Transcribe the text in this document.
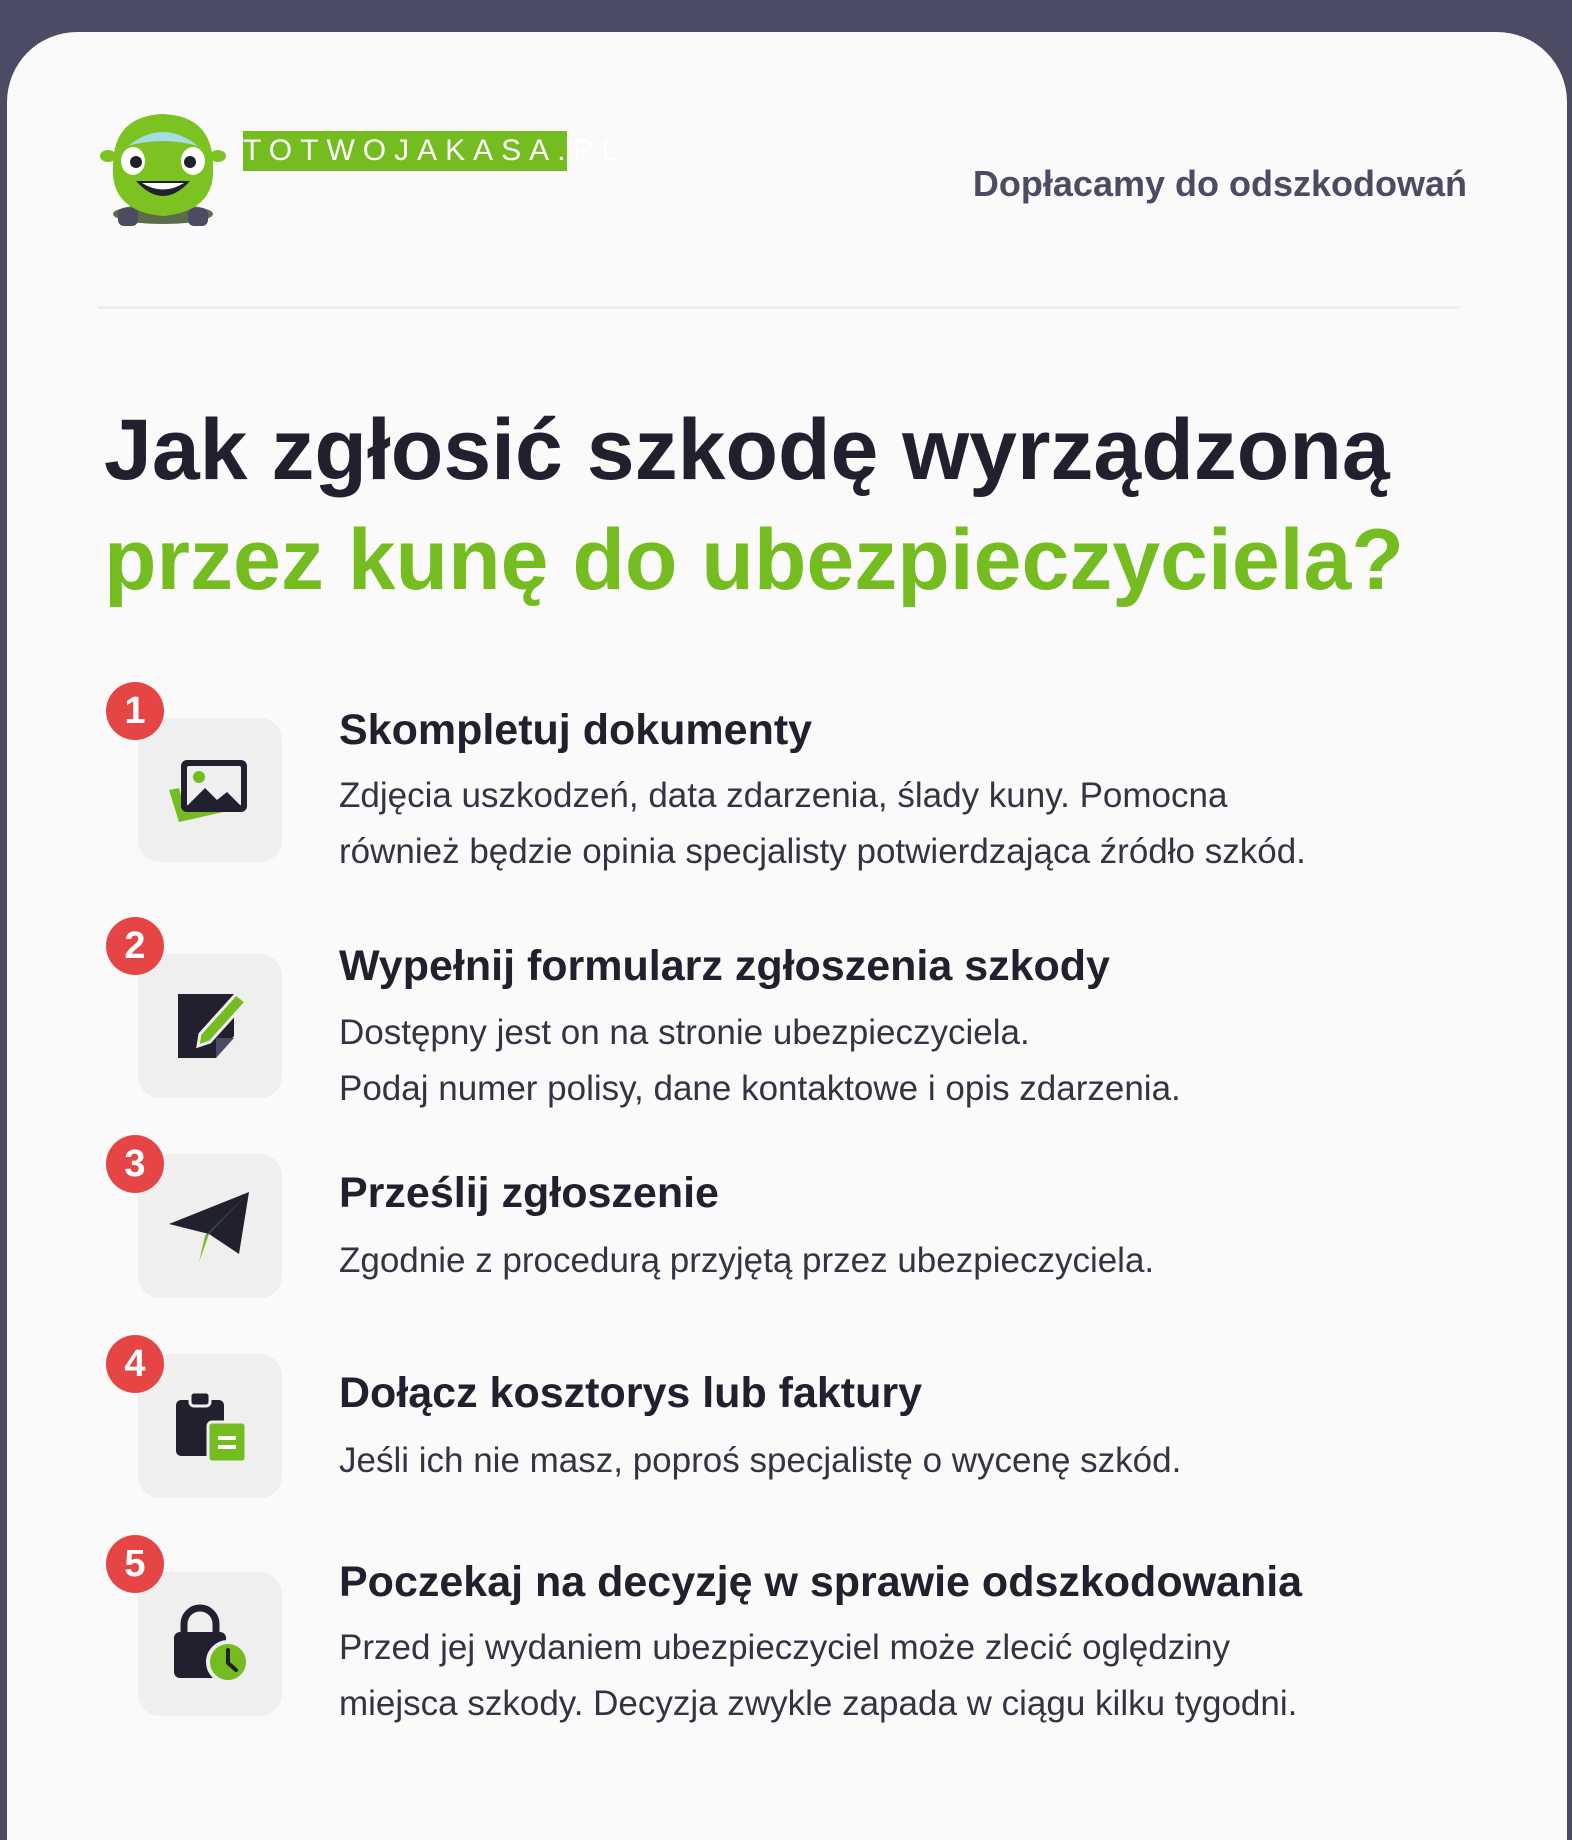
TOTWOJAKASA.PL
Dopłacamy do odszkodowań
Jak zgłosić szkodę wyrządzoną
przez kunę do ubezpieczyciela?
1	Skompletuj dokumenty
Zdjęcia uszkodzeń, data zdarzenia, ślady kuny. Pomocna
również będzie opinia specjalisty potwierdzająca źródło szkód.
2	Wypełnij formularz zgłoszenia szkody
Dostępny jest on na stronie ubezpieczyciela.
Podaj numer polisy, dane kontaktowe i opis zdarzenia.
3
Prześlij zgłoszenie
Zgodnie z procedurą przyjętą przez ubezpieczyciela.
4
Dołącz kosztorys lub faktury
Jeśli ich nie masz, poproś specjalistę o wycenę szkód.
5	Poczekaj na decyzję w sprawie odszkodowania
Przed jej wydaniem ubezpieczyciel może zlecić oględziny
miejsca szkody. Decyzja zwykle zapada w ciągu kilku tygodni.
